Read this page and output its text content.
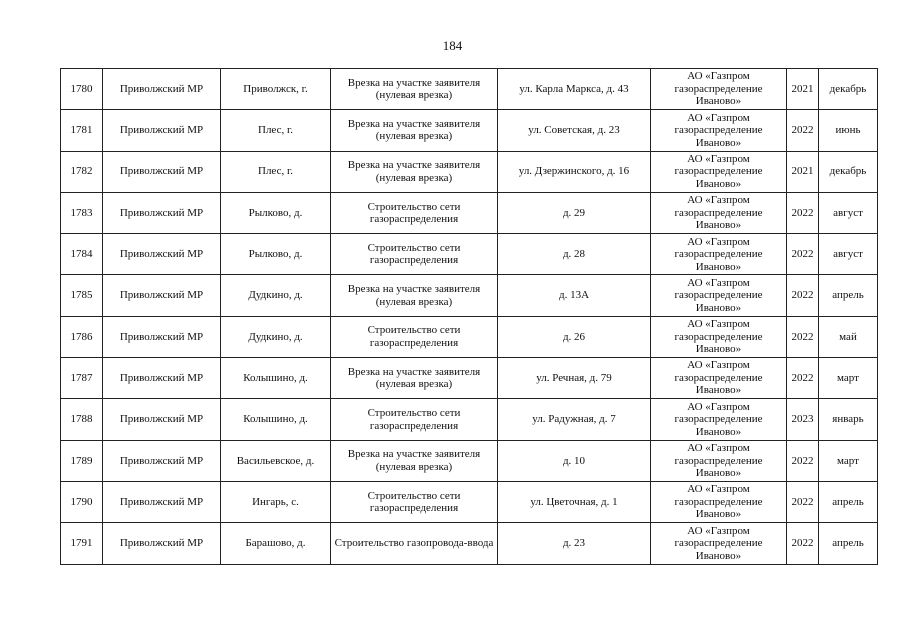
184
1780	Приволжский МР	Приволжск, г.	Врезка на участке заявителя (нулевая врезка)	ул. Карла Маркса, д. 43	АО «Газпром газораспределение Иваново»	2021	декабрь
1781	Приволжский МР	Плес, г.	Врезка на участке заявителя (нулевая врезка)	ул. Советская, д. 23	АО «Газпром газораспределение Иваново»	2022	июнь
1782	Приволжский МР	Плес, г.	Врезка на участке заявителя (нулевая врезка)	ул. Дзержинского, д. 16	АО «Газпром газораспределение Иваново»	2021	декабрь
1783	Приволжский МР	Рылково, д.	Строительство сети газораспределения	д. 29	АО «Газпром газораспределение Иваново»	2022	август
1784	Приволжский МР	Рылково, д.	Строительство сети газораспределения	д. 28	АО «Газпром газораспределение Иваново»	2022	август
1785	Приволжский МР	Дудкино, д.	Врезка на участке заявителя (нулевая врезка)	д. 13А	АО «Газпром газораспределение Иваново»	2022	апрель
1786	Приволжский МР	Дудкино, д.	Строительство сети газораспределения	д. 26	АО «Газпром газораспределение Иваново»	2022	май
1787	Приволжский МР	Колышино, д.	Врезка на участке заявителя (нулевая врезка)	ул. Речная, д. 79	АО «Газпром газораспределение Иваново»	2022	март
1788	Приволжский МР	Колышино, д.	Строительство сети газораспределения	ул. Радужная, д. 7	АО «Газпром газораспределение Иваново»	2023	январь
1789	Приволжский МР	Васильевское, д.	Врезка на участке заявителя (нулевая врезка)	д. 10	АО «Газпром газораспределение Иваново»	2022	март
1790	Приволжский МР	Ингарь, с.	Строительство сети газораспределения	ул. Цветочная, д. 1	АО «Газпром газораспределение Иваново»	2022	апрель
1791	Приволжский МР	Барашово, д.	Строительство газопровода-ввода	д. 23	АО «Газпром газораспределение Иваново»	2022	апрель
